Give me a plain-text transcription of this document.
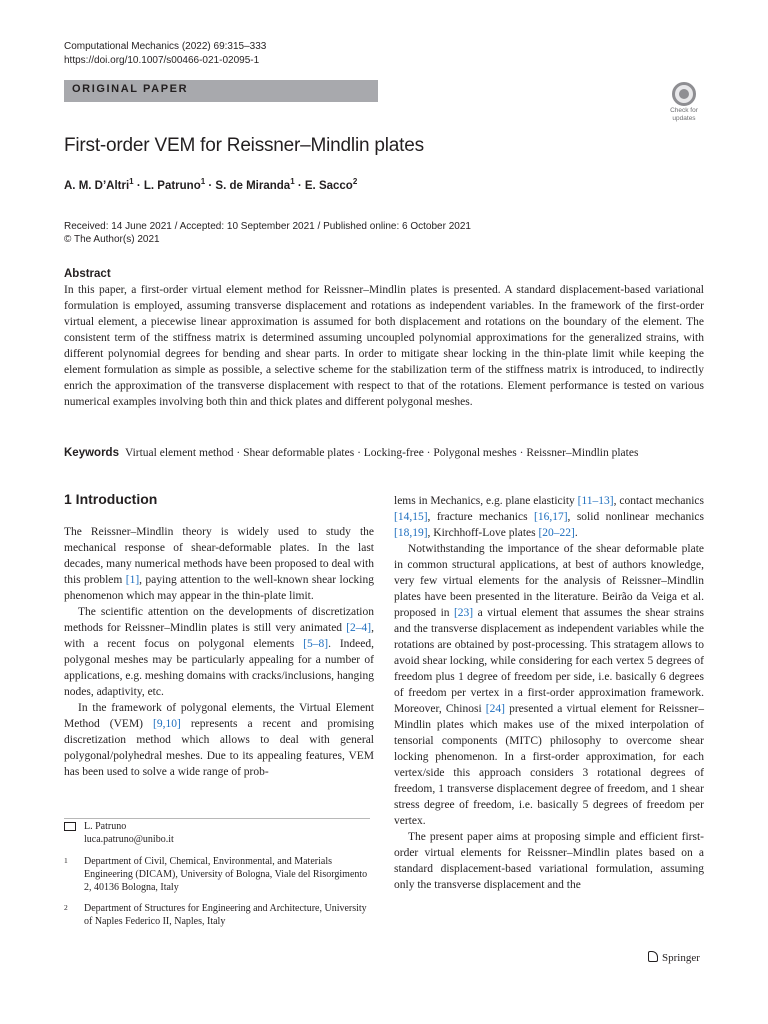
Computational Mechanics (2022) 69:315–333
https://doi.org/10.1007/s00466-021-02095-1
ORIGINAL PAPER
Check for
updates
First-order VEM for Reissner–Mindlin plates
A. M. D’Altri$^1$ · L. Patruno$^1$ · S. de Miranda$^1$ · E. Sacco$^2$
Received: 14 June 2021 / Accepted: 10 September 2021 / Published online: 6 October 2021
© The Author(s) 2021
Abstract

In this paper, a first-order virtual element method for Reissner–Mindlin plates is presented. A standard displacement-based variational formulation is employed, assuming transverse displacement and rotations as independent variables. In the framework of the first-order virtual element, a piecewise linear approximation is assumed for both displacement and rotations on the boundary of the element. The consistent term of the stiffness matrix is determined assuming uncoupled polynomial approximations for the generalized strains, with different polynomial degrees for bending and shear parts. In order to mitigate shear locking in the thin-plate limit while keeping the element formulation as simple as possible, a selective scheme for the stabilization term of the stiffness matrix is introduced, to indirectly enrich the approximation of the transverse displacement with respect to that of the rotations. Element performance is tested on various numerical examples involving both thin and thick plates and different polygonal meshes.

Keywords Virtual element method · Shear deformable plates · Locking-free · Polygonal meshes · Reissner–Mindlin plates
1 Introduction

The Reissner–Mindlin theory is widely used to study the mechanical response of shear-deformable plates. In the last decades, many numerical methods have been proposed to deal with this problem [1], paying attention to the well-known shear locking phenomenon which may appear in the thin-plate limit.

The scientific attention on the developments of discretization methods for Reissner–Mindlin plates is still very animated [2–4], with a recent focus on polygonal elements [5–8]. Indeed, polygonal meshes may be particularly appealing for a number of applications, e.g. meshing domains with cracks/inclusions, hanging nodes, adaptivity, etc.

In the framework of polygonal elements, the Virtual Element Method (VEM) [9,10] represents a recent and promising discretization method which allows to deal with general polygonal/polyhedral meshes. Due to its appealing features, VEM has been used to solve a wide range of prob-

lems in Mechanics, e.g. plane elasticity [11–13], contact mechanics [14,15], fracture mechanics [16,17], solid nonlinear mechanics [18,19], Kirchhoff-Love plates [20–22].

Notwithstanding the importance of the shear deformable plate in common structural applications, at best of authors knowledge, very few virtual elements for the analysis of Reissner–Mindlin plates have been presented in the literature. Beirão da Veiga et al. proposed in [23] a virtual element that assumes the shear strains and the transverse displacement as independent variables while the rotations are obtained by post-processing. This stratagem allows to avoid shear locking, while considering for each vertex 5 degrees of freedom plus 1 degree of freedom per side, i.e. basically 6 degrees of freedom per vertex in a first-order approximation framework. Moreover, Chinosi [24] presented a virtual element for Reissner–Mindlin plates which makes use of the mixed interpolation of tensorial components (MITC) philosophy to overcome shear locking phenomenon. In a first-order approximation, for each vertex/side this approach considers 3 rotational degrees of freedom, 1 transverse displacement degree of freedom, and 1 shear stress degree of freedom, i.e. basically 5 degrees of freedom per vertex.

The present paper aims at proposing simple and efficient first-order virtual elements for Reissner–Mindlin plates based on a standard displacement-based variational formulation, assuming only the transverse displacement and the

L. Patruno
luca.patruno@unibo.it
1 Department of Civil, Chemical, Environmental, and Materials Engineering (DICAM), University of Bologna, Viale del Risorgimento 2, 40136 Bologna, Italy
2 Department of Structures for Engineering and Architecture, University of Naples Federico II, Naples, Italy
Springer
